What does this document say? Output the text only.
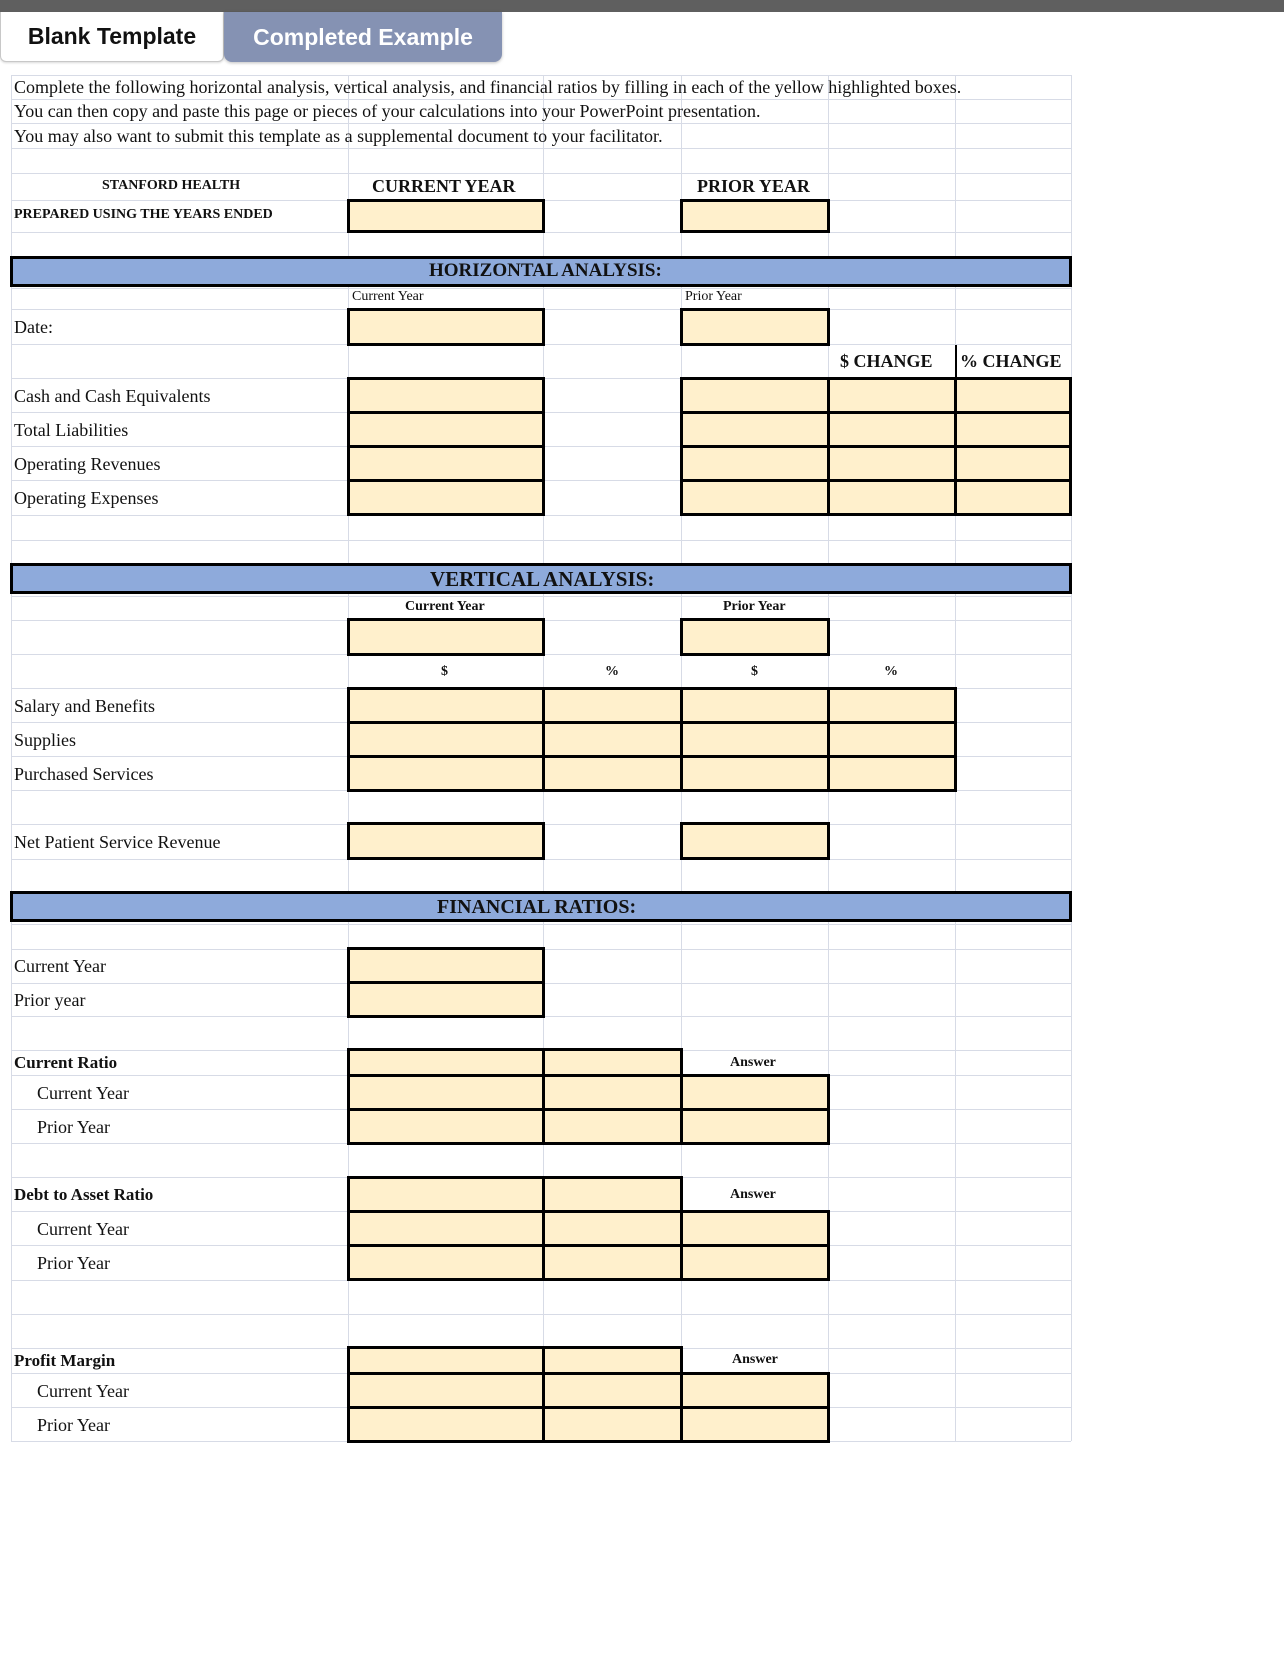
Blank Template	Completed Example
Complete the following horizontal analysis, vertical analysis, and financial ratios by filling in each of the yellow highlighted boxes.
You can then copy and paste this page or pieces of your calculations into your PowerPoint presentation.
You may also want to submit this template as a supplemental document to your facilitator.
STANFORD HEALTH	CURRENT YEAR	PRIOR YEAR
PREPARED USING THE YEARS ENDED
HORIZONTAL ANALYSIS:
Current Year	Prior Year
Date:
$ CHANGE % CHANGE
Cash and Cash Equivalents
Total Liabilities
Operating Revenues
Operating Expenses
VERTICAL ANALYSIS:
Current Year	Prior Year
$	%	$	%
Salary and Benefits
Supplies
Purchased Services
Net Patient Service Revenue
FINANCIAL RATIOS:
Current Year
Prior year
Current Ratio
Current Year
Prior Year
Answer
Debt to Asset Ratio
Current Year
Prior Year
Answer
Profit Margin
Current Year
Prior Year
Answer
